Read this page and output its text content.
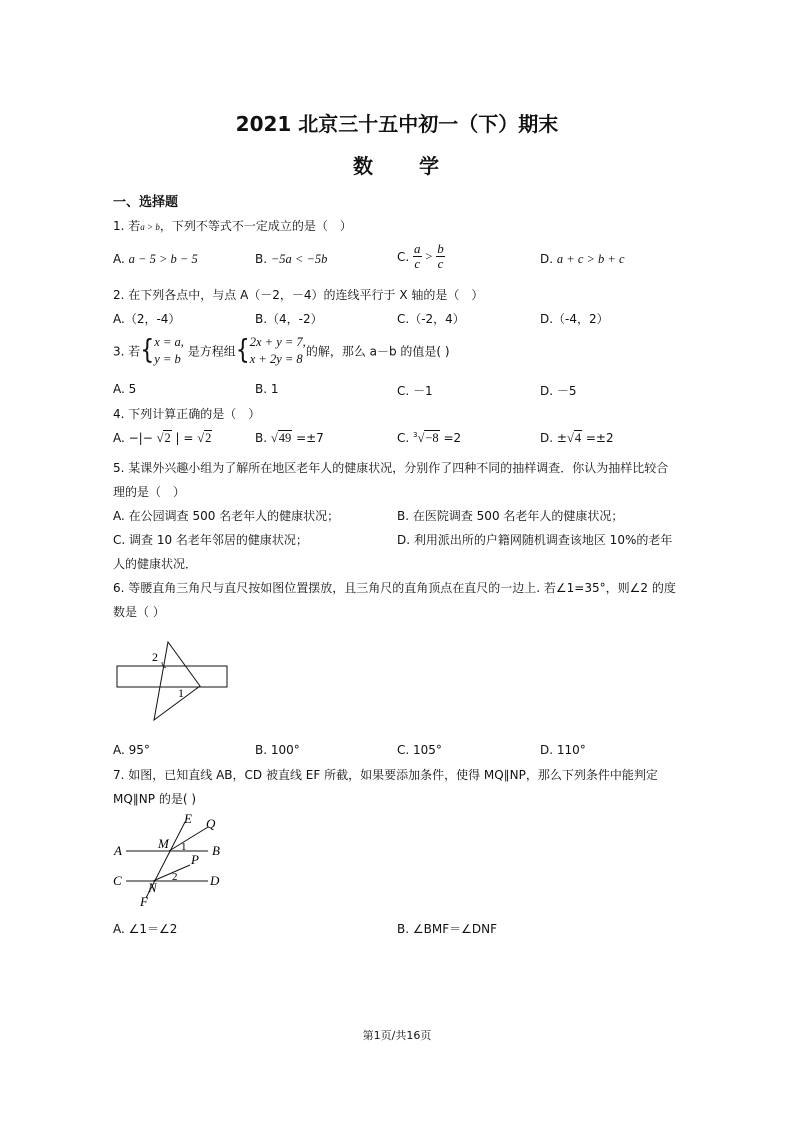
2021 北京三十五中初一（下）期末
数　　学
一、选择题
1. 若a > b，下列不等式不一定成立的是（　）
A. a − 5 > b − 5	B. −5a < −5b	C. $\frac{a}{c} > \frac{b}{c}$	D. a + c > b + c
2. 在下列各点中，与点 A（－2，－4）的连线平行于 X 轴的是（　）
A.（2，-4）	B.（4，-2）	C.（-2，4）	D.（-4，2）
3. 若{x = a,
y = b 是方程组{2x + y = 7,
x + 2y = 8的解，那么 a－b 的值是( )
A. 5	B. 1	C. －1	D. －5
4. 下列计算正确的是（　）
A. −|− √2 | = √2	B. √49 =±7	C. $^3$√−8 =2	D. ±√4 =±2
5. 某课外兴趣小组为了解所在地区老年人的健康状况，分别作了四种不同的抽样调查．你认为抽样比较合
理的是（　）
A. 在公园调查 500 名老年人的健康状况；	B. 在医院调查 500 名老年人的健康状况；
C. 调查 10 名老年邻居的健康状况；	D. 利用派出所的户籍网随机调查该地区 10%的老年
人的健康状况．
6. 等腰直角三角尺与直尺按如图位置摆放，且三角尺的直角顶点在直尺的一边上. 若∠1=35°，则∠2 的度
数是（ ）
2
1
A. 95°	B. 100°	C. 105°	D. 110°
7. 如图，已知直线 AB，CD 被直线 EF 所截，如果要添加条件，使得 MQ∥NP，那么下列条件中能判定
MQ∥NP 的是( )
A	B
C	D
E
F
M
N
P
Q
1
2
A. ∠1＝∠2	B. ∠BMF＝∠DNF
第1页/共16页
